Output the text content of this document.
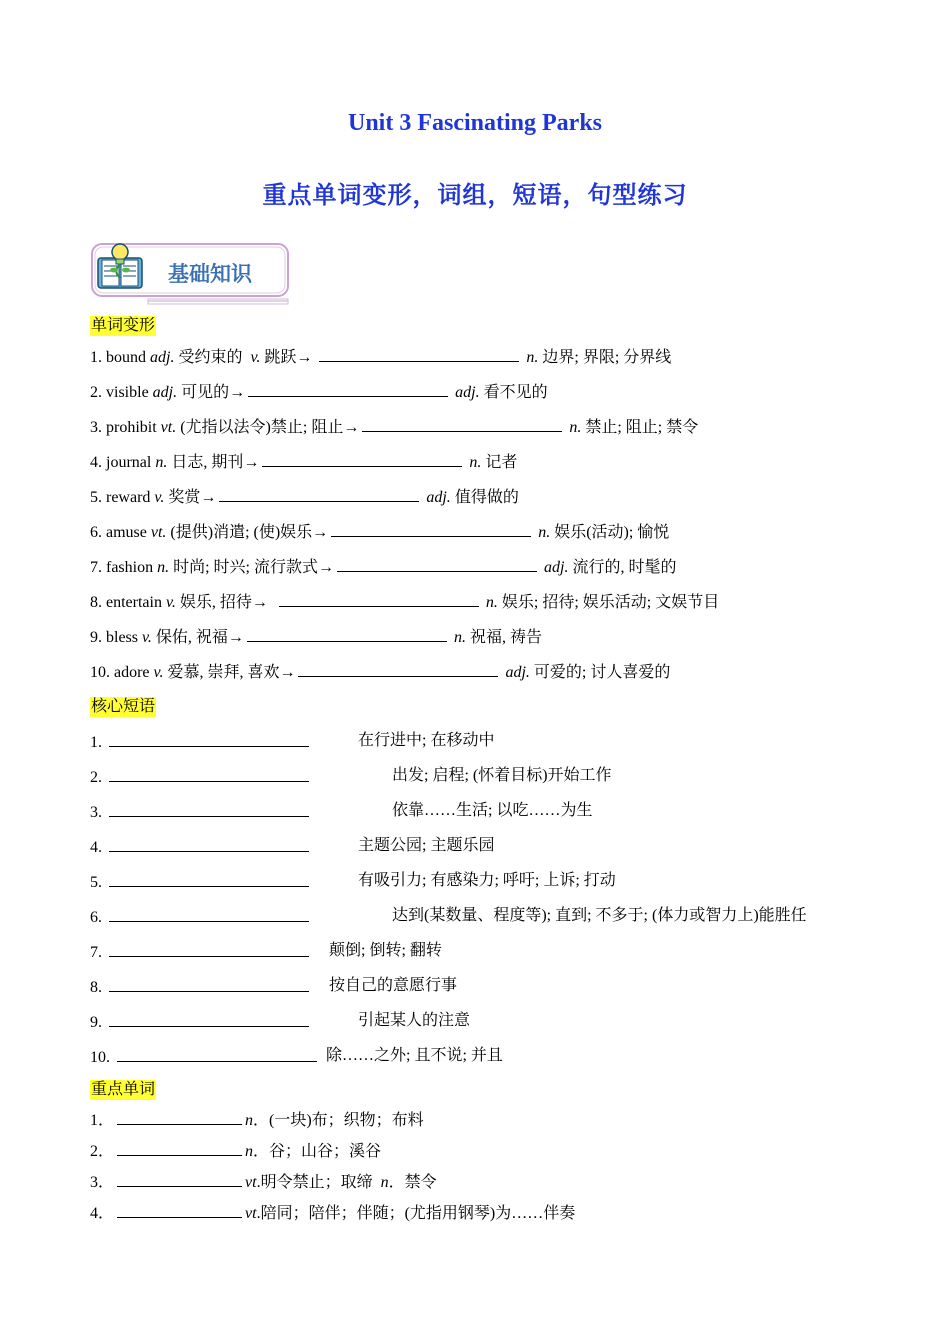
Unit 3 Fascinating Parks
重点单词变形，词组，短语，句型练习
基础知识
单词变形
1. bound adj. 受约束的 v. 跳跃→	n. 边界; 界限; 分界线
2. visible adj. 可见的→	adj. 看不见的
3. prohibit vt. (尤指以法令)禁止; 阻止→	n. 禁止; 阻止; 禁令
4. journal n. 日志, 期刊→	n. 记者
5. reward v. 奖赏→	adj. 值得做的
6. amuse vt. (提供)消遣; (使)娱乐→	n. 娱乐(活动); 愉悦
7. fashion n. 时尚; 时兴; 流行款式→	adj. 流行的, 时髦的
8. entertain v. 娱乐, 招待→	n. 娱乐; 招待; 娱乐活动; 文娱节目
9. bless v. 保佑, 祝福→	n. 祝福, 祷告
10. adore v. 爱慕, 崇拜, 喜欢→	adj. 可爱的; 讨人喜爱的
核心短语
1.	在行进中; 在移动中
2.	出发; 启程; (怀着目标)开始工作
3.	依靠……生活; 以吃……为生
4.	主题公园; 主题乐园
5.	有吸引力; 有感染力; 呼吁; 上诉; 打动
6.	达到(某数量、程度等); 直到; 不多于; (体力或智力上)能胜任
7.	颠倒; 倒转; 翻转
8.	按自己的意愿行事
9.	引起某人的注意
10.	除……之外; 且不说; 并且
重点单词
1．	n．(一块)布；织物；布料
2．	n．谷；山谷；溪谷
3．	vt.明令禁止；取缔 n．禁令
4．	vt.陪同；陪伴；伴随；(尤指用钢琴)为……伴奏
